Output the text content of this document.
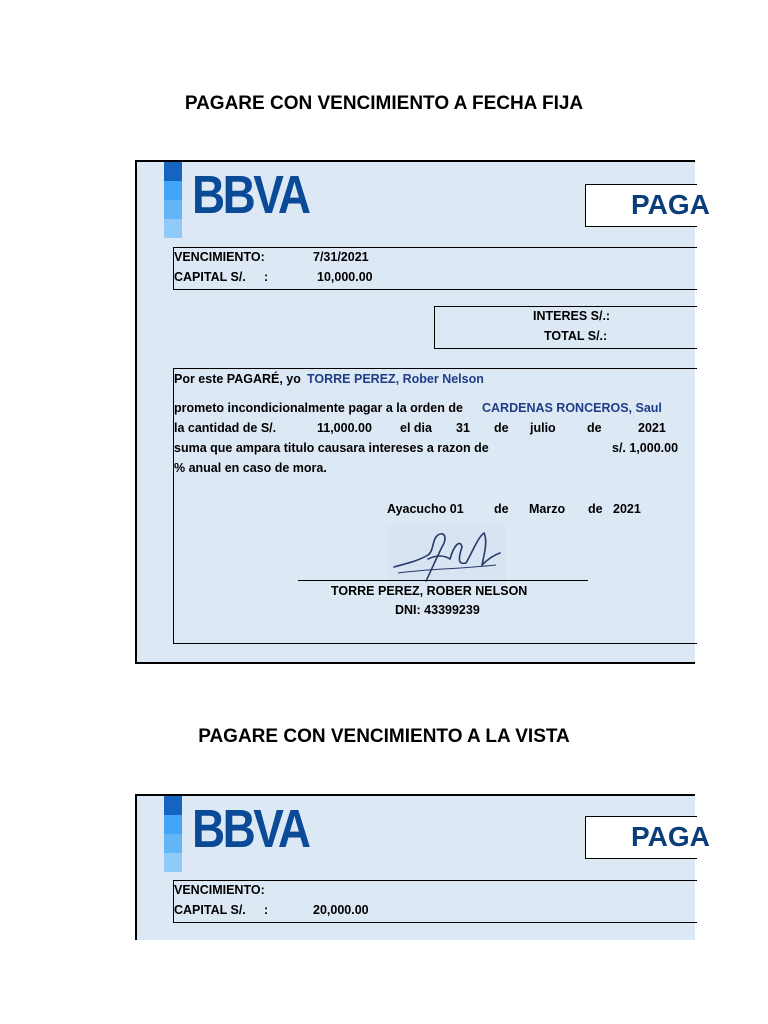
PAGARE CON VENCIMIENTO A FECHA FIJA
BBVA	PAGA
VENCIMIENTO:	7/31/2021
CAPITAL S/. :	10,000.00
INTERES S/.:
TOTAL S/.:
Por este PAGARÉ, yo TORRE PEREZ, Rober Nelson
prometo incondicionalmente pagar a la orden de CARDENAS RONCEROS, Saul
la cantidad de S/.	11,000.00 el dia 31 de julio	de	2021
suma que ampara titulo causara intereses a razon de	s/. 1,000.00
% anual en caso de mora.
Ayacucho 01 de Marzo de 2021
TORRE PEREZ, ROBER NELSON
DNI: 43399239
PAGARE CON VENCIMIENTO A LA VISTA
BBVA	PAGA
VENCIMIENTO:
CAPITAL S/. :	20,000.00
